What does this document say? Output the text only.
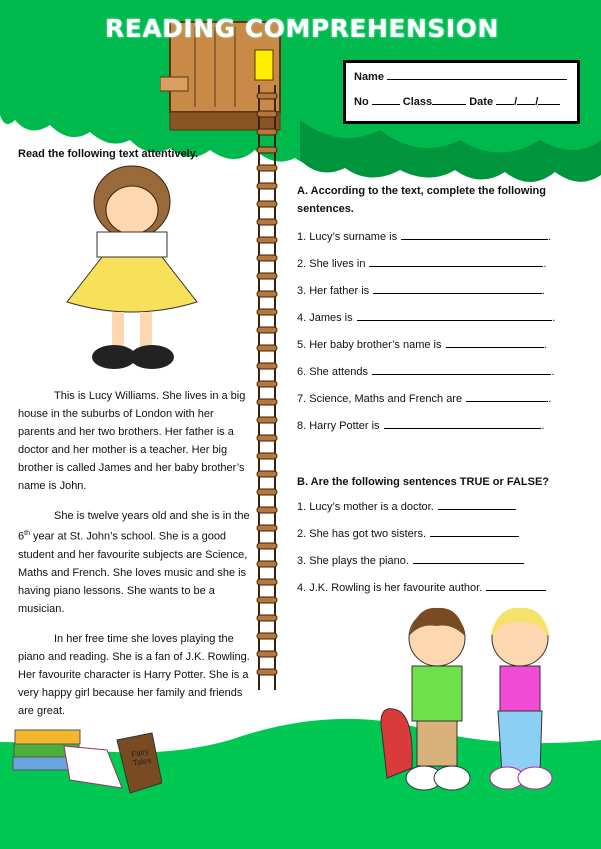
Fairy Tales
READING COMPREHENSION
Name
No	Class	Date / /
Read the following text attentively.

This is Lucy Williams. She lives in a big house in the suburbs of London with her parents and her two brothers. Her father is a doctor and her mother is a teacher. Her big brother is called James and her baby brother’s name is John.

She is twelve years old and she is in the 6th year at St. John’s school. She is a good student and her favourite subjects are Science, Maths and French. She loves music and she is having piano lessons. She wants to be a musician.

In her free time she loves playing the piano and reading. She is a fan of J.K. Rowling. Her favourite character is Harry Potter. She is a very happy girl because her family and friends are great.

A. According to the text, complete the following sentences.
1. Lucy’s surname is	.
2. She lives in	.
3. Her father is	.
4. James is	.
5. Her baby brother’s name is	.
6. She attends	.
7. Science, Maths and French are	.
8. Harry Potter is	.
B. Are the following sentences TRUE or FALSE?
1. Lucy’s mother is a doctor.
2. She has got two sisters.
3. She plays the piano.
4. J.K. Rowling is her favourite author.
